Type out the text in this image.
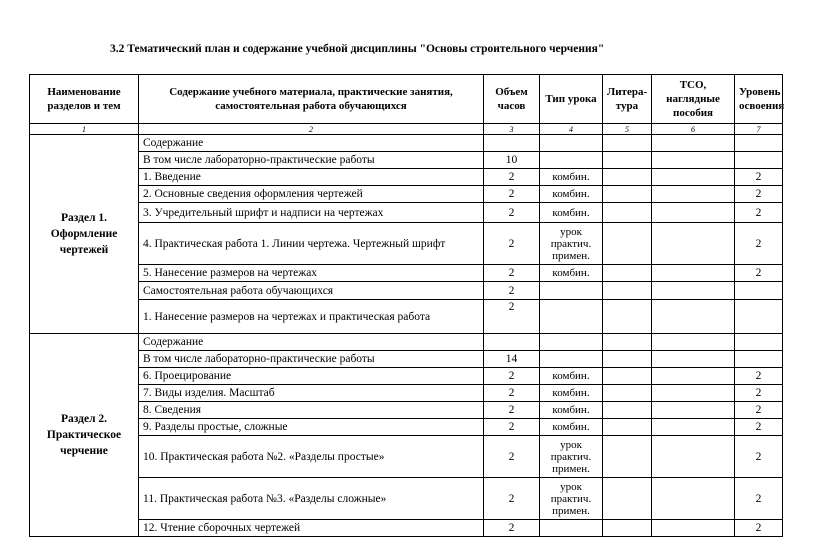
3.2 Тематический план и содержание учебной дисциплины "Основы строительного черчения"
Наименование разделов и тем	Содержание учебного материала, практические занятия, самостоятельная работа обучающихся	Объем часов	Тип урока	Литера-тура	ТСО, наглядные пособия	Уровень освоения
1	2	3	4	5	6	7
Раздел 1. Оформление чертежей	Содержание					
	В том числе лабораторно-практические работы	10				
	1. Введение	2	комбин.			2
	2. Основные сведения оформления чертежей	2	комбин.			2
	3. Учредительный шрифт и надписи на чертежах	2	комбин.			2
	4. Практическая работа 1. Линии чертежа. Чертежный шрифт	2	урок практич. примен.			2
	5. Нанесение размеров на чертежах	2	комбин.			2
	Самостоятельная работа обучающихся	2				
	1. Нанесение размеров на чертежах и практическая работа	2				
Раздел 2. Практическое черчение	Содержание					
	В том числе лабораторно-практические работы	14				
	6. Проецирование	2	комбин.			2
	7. Виды изделия. Масштаб	2	комбин.			2
	8. Сведения	2	комбин.			2
	9. Разделы простые, сложные	2	комбин.			2
	10. Практическая работа №2. «Разделы простые»	2	урок практич. примен.			2
	11. Практическая работа №3. «Разделы сложные»	2	урок практич. примен.			2
	12. Чтение сборочных чертежей	2				2
